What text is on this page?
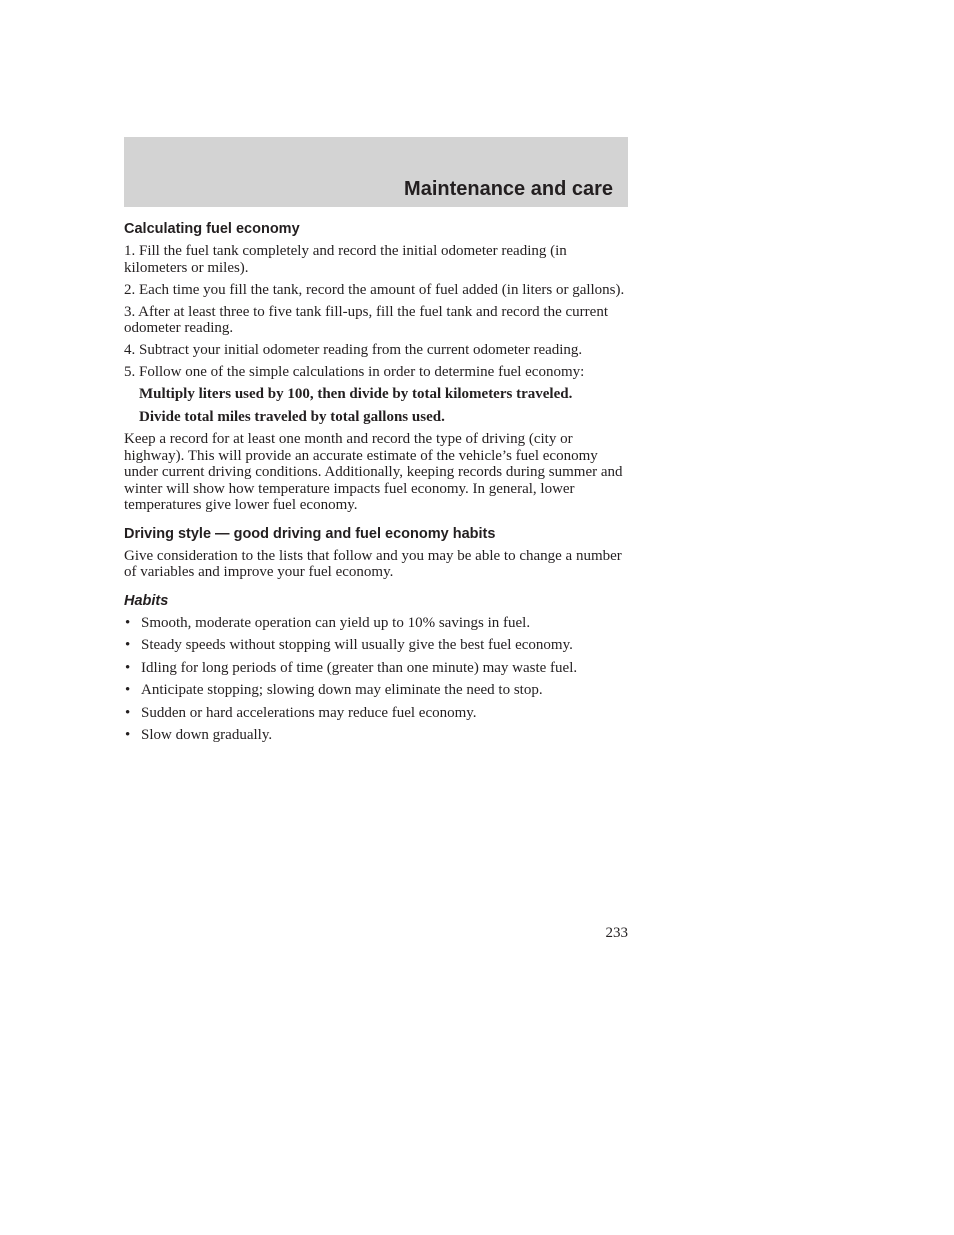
Maintenance and care
Calculating fuel economy
1. Fill the fuel tank completely and record the initial odometer reading (in kilometers or miles).
2. Each time you fill the tank, record the amount of fuel added (in liters or gallons).
3. After at least three to five tank fill-ups, fill the fuel tank and record the current odometer reading.
4. Subtract your initial odometer reading from the current odometer reading.
5. Follow one of the simple calculations in order to determine fuel economy:
Multiply liters used by 100, then divide by total kilometers traveled.
Divide total miles traveled by total gallons used.
Keep a record for at least one month and record the type of driving (city or highway). This will provide an accurate estimate of the vehicle’s fuel economy under current driving conditions. Additionally, keeping records during summer and winter will show how temperature impacts fuel economy. In general, lower temperatures give lower fuel economy.
Driving style — good driving and fuel economy habits
Give consideration to the lists that follow and you may be able to change a number of variables and improve your fuel economy.
Habits
• Smooth, moderate operation can yield up to 10% savings in fuel.
• Steady speeds without stopping will usually give the best fuel economy.
• Idling for long periods of time (greater than one minute) may waste fuel.
• Anticipate stopping; slowing down may eliminate the need to stop.
• Sudden or hard accelerations may reduce fuel economy.
• Slow down gradually.
233
